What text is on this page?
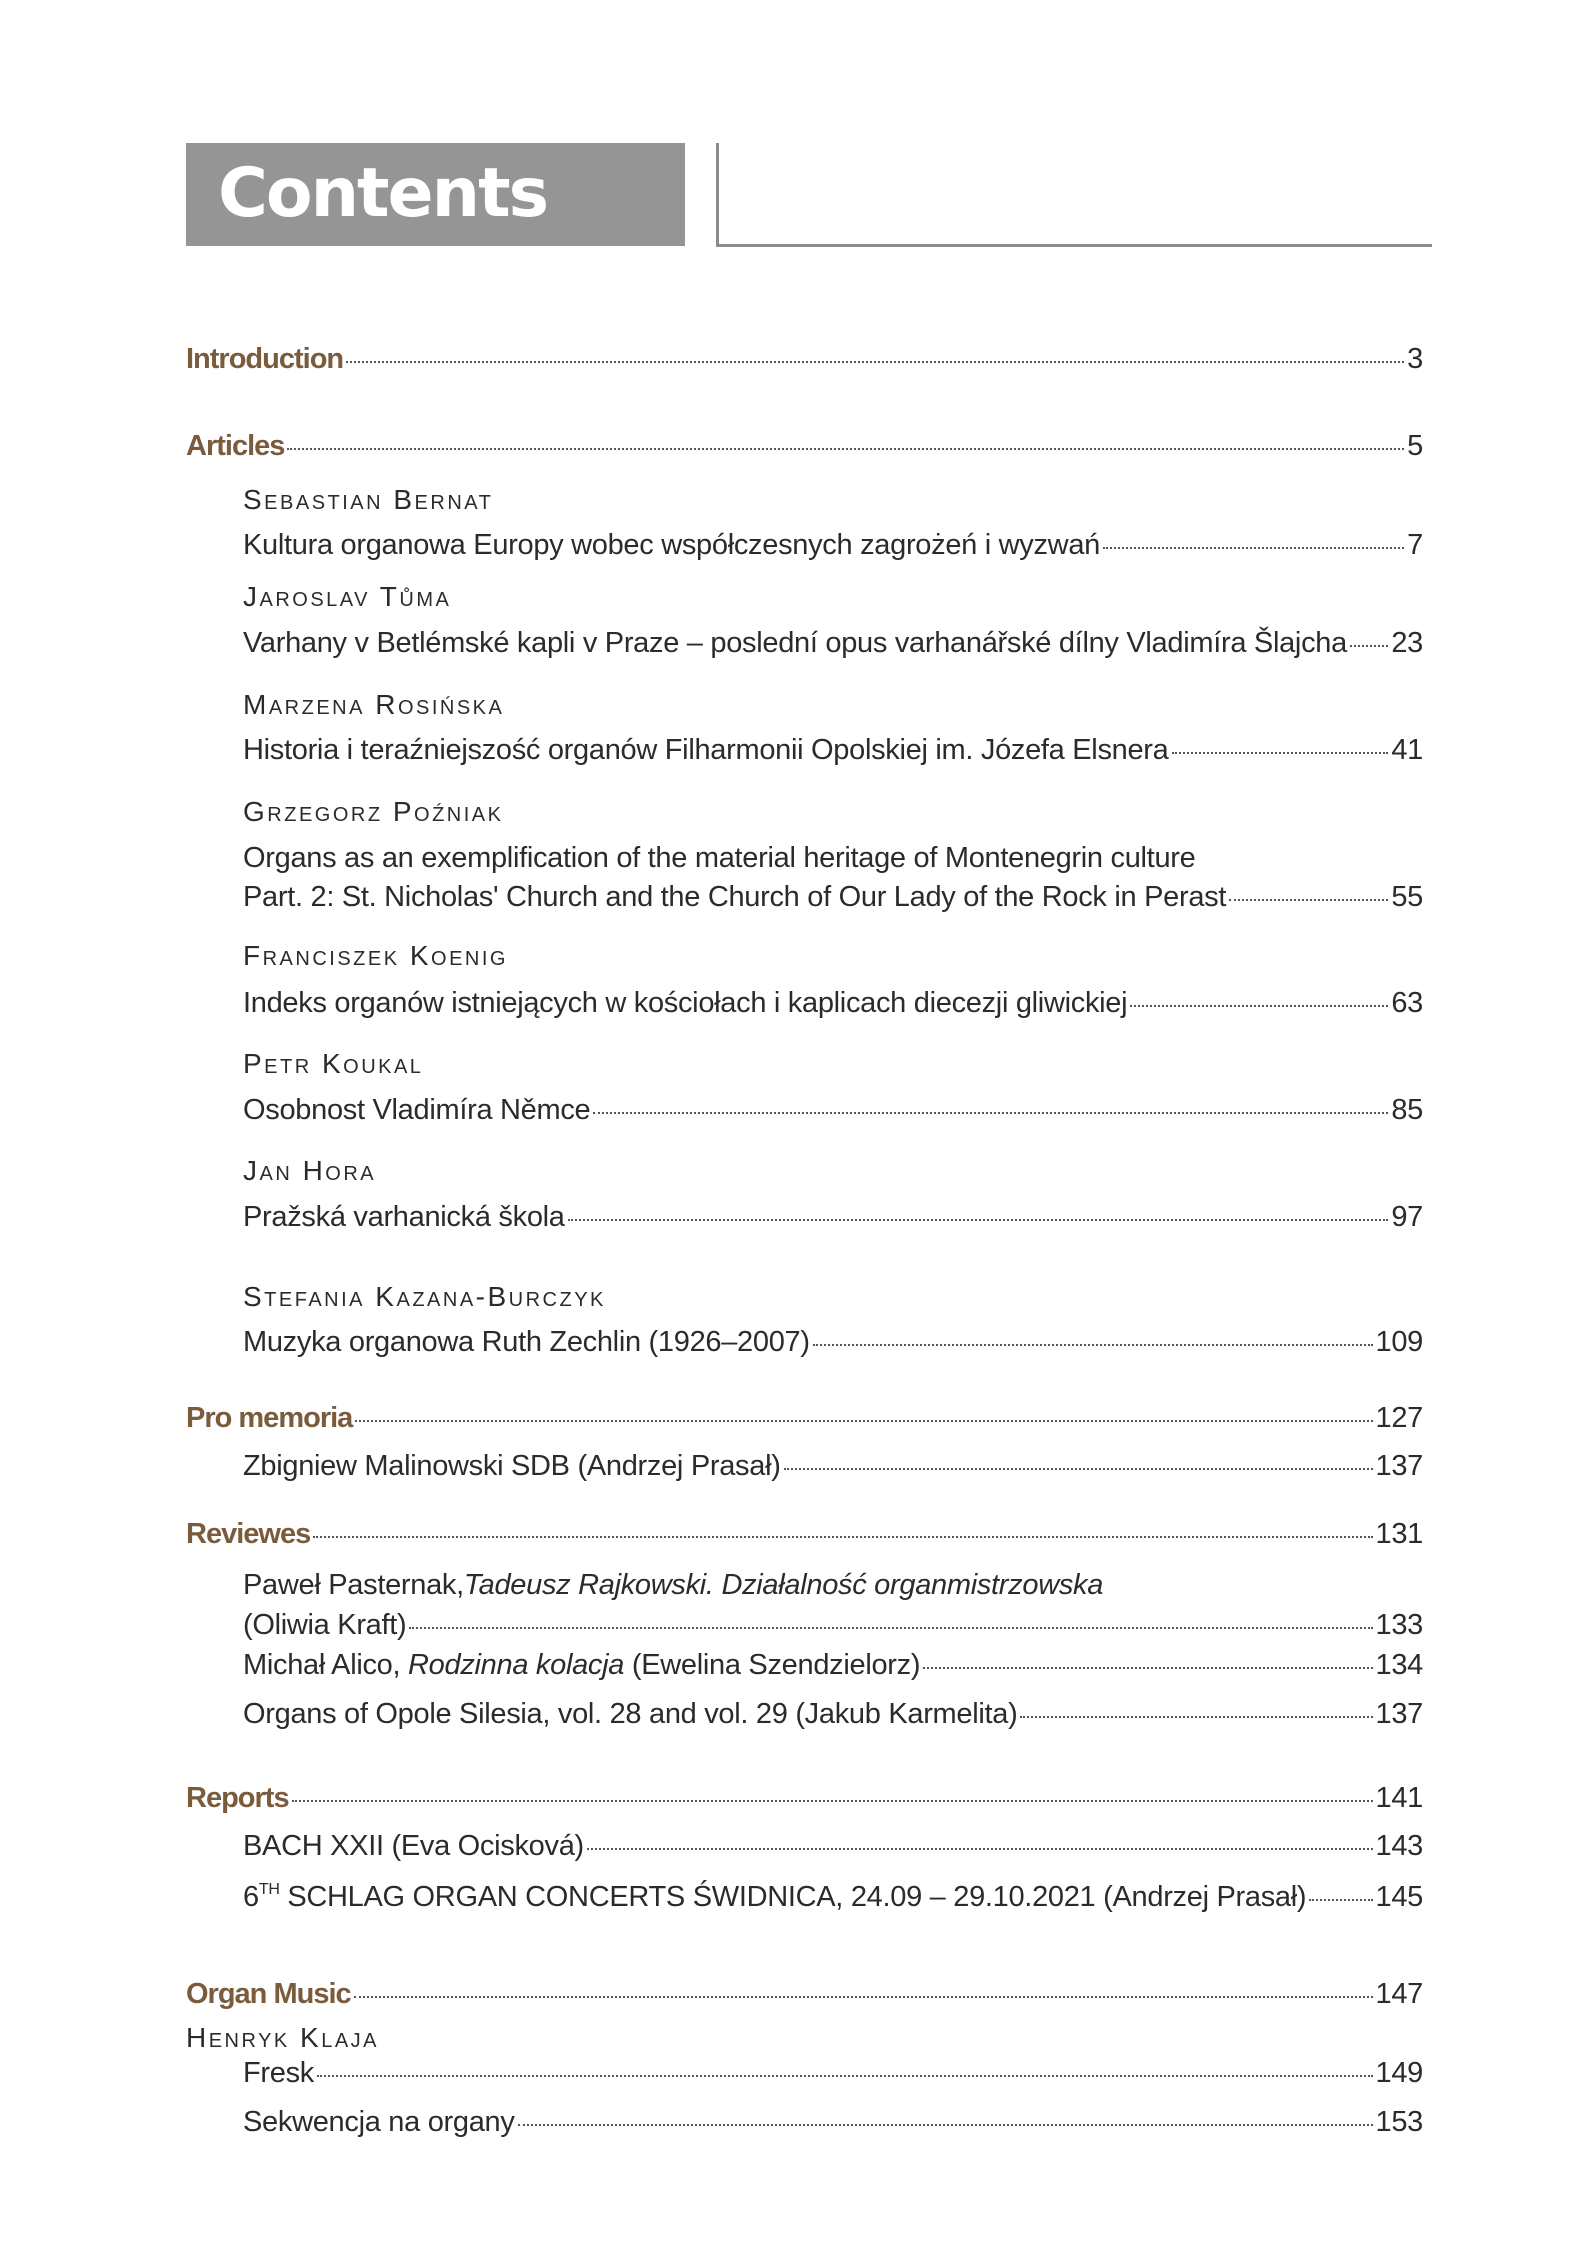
Contents
Introduction	3
Articles	5
Sebastian Bernat
Kultura organowa Europy wobec współczesnych zagrożeń i wyzwań	7
Jaroslav Tůma
Varhany v Betlémské kapli v Praze – poslední opus varhanářské dílny Vladimíra Šlajcha 23
Marzena Rosińska
Historia i teraźniejszość organów Filharmonii Opolskiej im. Józefa Elsnera	41
Grzegorz Poźniak
Organs as an exemplification of the material heritage of Montenegrin culture
Part. 2: St. Nicholas' Church and the Church of Our Lady of the Rock in Perast	55
Franciszek Koenig
Indeks organów istniejących w kościołach i kaplicach diecezji gliwickiej	63
Petr Koukal
Osobnost Vladimíra Němce	85
Jan Hora
Pražská varhanická škola	97
Stefania Kazana-Burczyk
Muzyka organowa Ruth Zechlin (1926–2007)	109
Pro memoria	127
Zbigniew Malinowski SDB (Andrzej Prasał)	137
Reviewes	131
Paweł Pasternak, Tadeusz Rajkowski. Działalność organmistrzowska
(Oliwia Kraft)	133
Michał Alico, Rodzinna kolacja (Ewelina Szendzielorz)	134
Organs of Opole Silesia, vol. 28 and vol. 29 (Jakub Karmelita)	137
Reports	141
BACH XXII (Eva Ocisková)	143
6TH SCHLAG ORGAN CONCERTS ŚWIDNICA, 24.09 – 29.10.2021 (Andrzej Prasał) 145
Organ Music	147
Henryk Klaja
Fresk	149
Sekwencja na organy	153
